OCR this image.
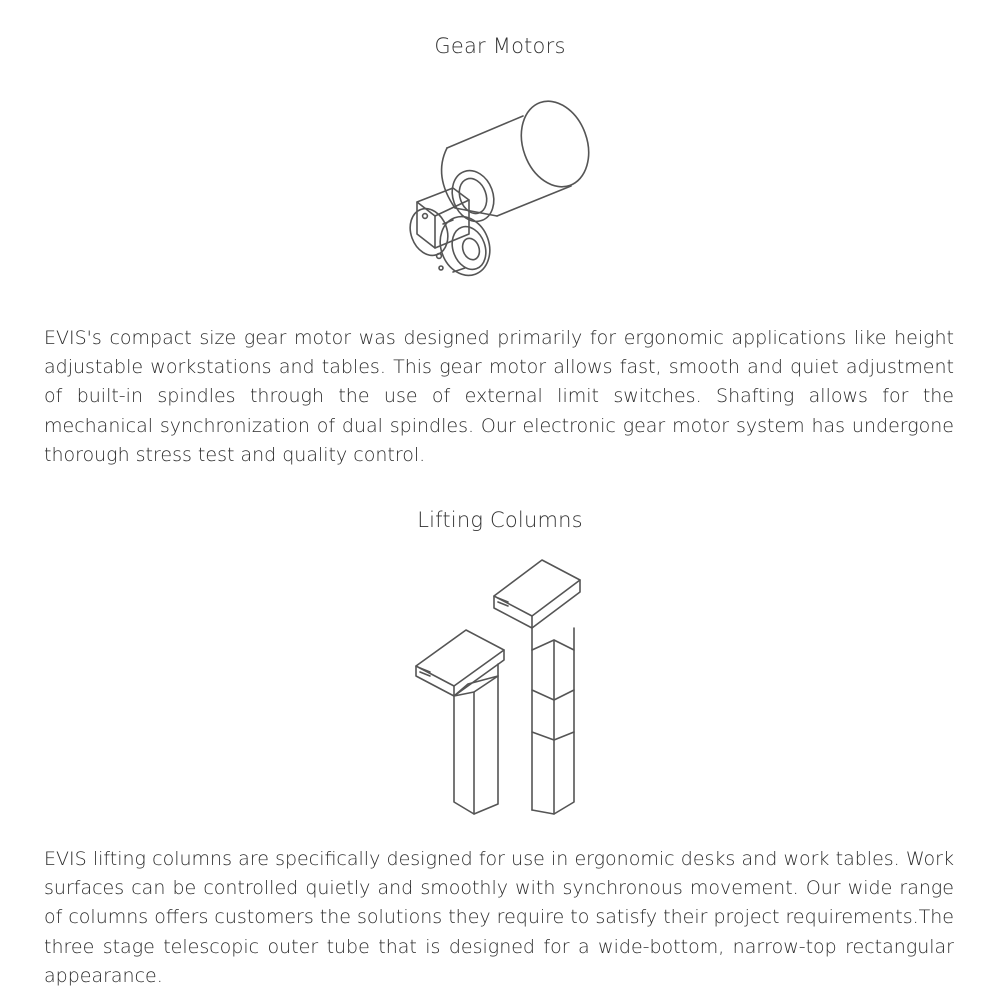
Gear Motors

EVIS's compact size gear motor was designed primarily for ergonomic applications like height adjustable workstations and tables. This gear motor allows fast, smooth and quiet adjustment of built-in spindles through the use of external limit switches. Shafting allows for the mechanical synchronization of dual spindles. Our electronic gear motor system has undergone thorough stress test and quality control.

Lifting Columns

EVIS lifting columns are specifically designed for use in ergonomic desks and work tables. Work surfaces can be controlled quietly and smoothly with synchronous movement. Our wide range of columns offers customers the solutions they require to satisfy their project requirements.The three stage telescopic outer tube that is designed for a wide-bottom, narrow-top rectangular appearance.
